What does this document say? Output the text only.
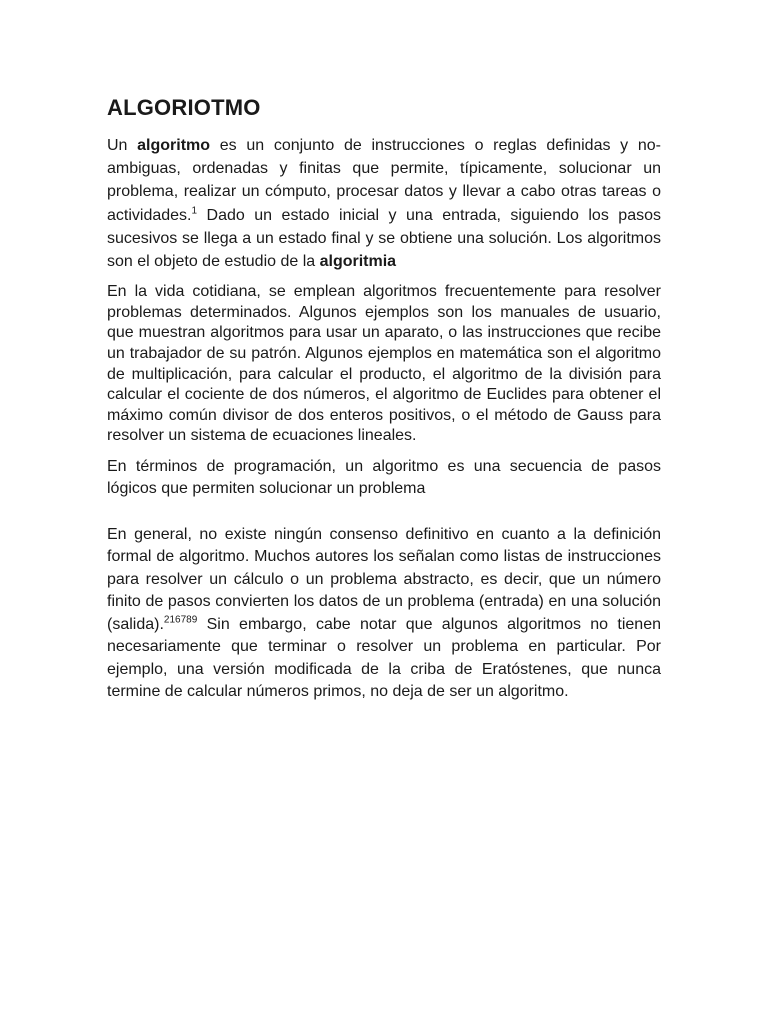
ALGORIOTMO

Un algoritmo es un conjunto de instrucciones o reglas definidas y no-ambiguas, ordenadas y finitas que permite, típicamente, solucionar un problema, realizar un cómputo, procesar datos y llevar a cabo otras tareas o actividades.$^1$ Dado un estado inicial y una entrada, siguiendo los pasos sucesivos se llega a un estado final y se obtiene una solución. Los algoritmos son el objeto de estudio de la algoritmia

En la vida cotidiana, se emplean algoritmos frecuentemente para resolver problemas determinados. Algunos ejemplos son los manuales de usuario, que muestran algoritmos para usar un aparato, o las instrucciones que recibe un trabajador de su patrón. Algunos ejemplos en matemática son el algoritmo de multiplicación, para calcular el producto, el algoritmo de la división para calcular el cociente de dos números, el algoritmo de Euclides para obtener el máximo común divisor de dos enteros positivos, o el método de Gauss para resolver un sistema de ecuaciones lineales.

En términos de programación, un algoritmo es una secuencia de pasos lógicos que permiten solucionar un problema

En general, no existe ningún consenso definitivo en cuanto a la definición formal de algoritmo. Muchos autores los señalan como listas de instrucciones para resolver un cálculo o un problema abstracto, es decir, que un número finito de pasos convierten los datos de un problema (entrada) en una solución (salida).$^{216789}$ Sin embargo, cabe notar que algunos algoritmos no tienen necesariamente que terminar o resolver un problema en particular. Por ejemplo, una versión modificada de la criba de Eratóstenes, que nunca termine de calcular números primos, no deja de ser un algoritmo.
